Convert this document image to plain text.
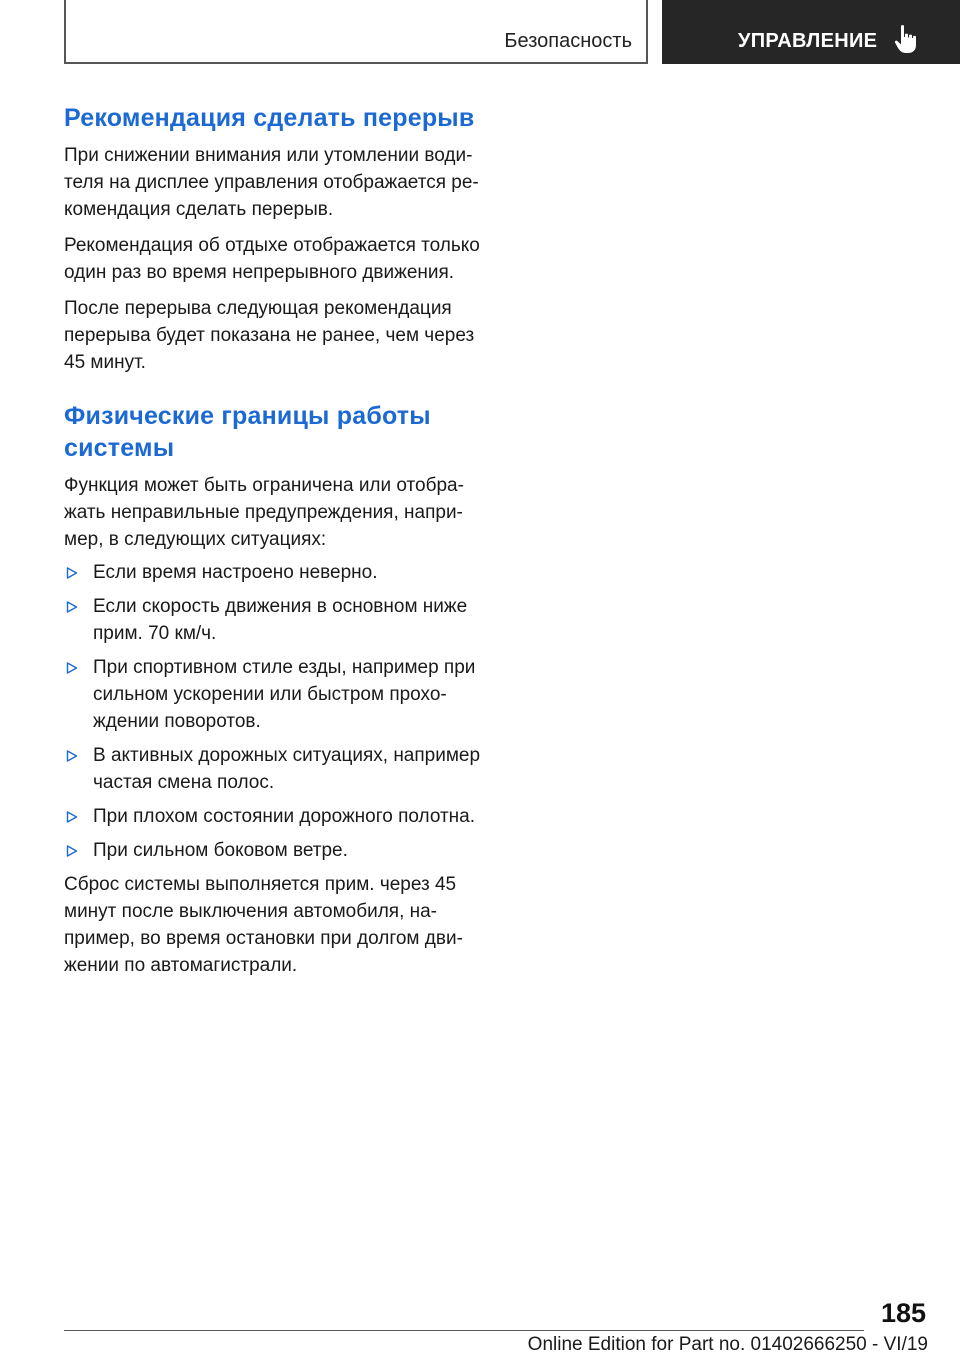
Безопасность	УПРАВЛЕНИЕ
Рекомендация сделать перерыв

При снижении внимания или утомлении води‐ теля на дисплее управления отображается ре‐ комендация сделать перерыв.

Рекомендация об отдыхе отображается только один раз во время непрерывного движения.

После перерыва следующая рекомендация перерыва будет показана не ранее, чем через 45 минут.

Физические границы работы системы

Функция может быть ограничена или отобра‐ жать неправильные предупреждения, напри‐ мер, в следующих ситуациях:

Если время настроено неверно.
Если скорость движения в основном ниже прим. 70 км/ч.
При спортивном стиле езды, например при сильном ускорении или быстром прохо‐ ждении поворотов.
В активных дорожных ситуациях, например частая смена полос.
При плохом состоянии дорожного полотна.
При сильном боковом ветре.

Сброс системы выполняется прим. через 45 минут после выключения автомобиля, на‐ пример, во время остановки при долгом дви‐ жении по автомагистрали.

185
Online Edition for Part no. 01402666250 - VI/19
